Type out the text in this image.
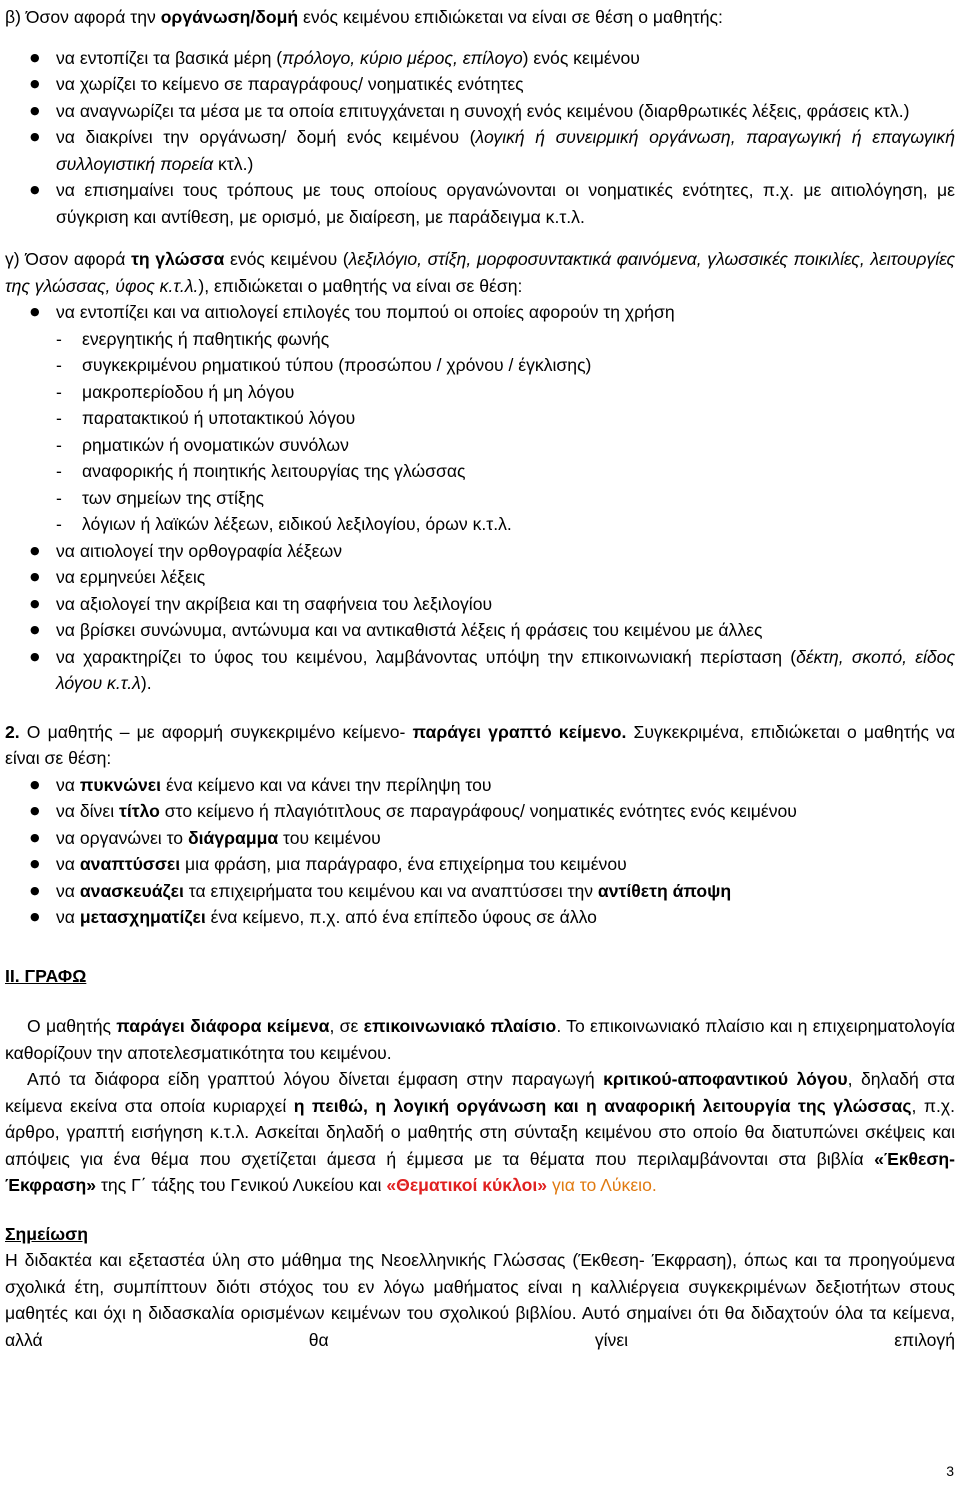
β) Όσον αφορά την οργάνωση/δομή ενός κειμένου επιδιώκεται να είναι σε θέση ο μαθητής:

● να εντοπίζει τα βασικά μέρη (πρόλογο, κύριο μέρος, επίλογο) ενός κειμένου
● να χωρίζει το κείμενο σε παραγράφους/ νοηματικές ενότητες
● να αναγνωρίζει τα μέσα με τα οποία επιτυγχάνεται η συνοχή ενός κειμένου (διαρθρωτικές λέξεις, φράσεις κτλ.)
● να διακρίνει την οργάνωση/ δομή ενός κειμένου (λογική ή συνειρμική οργάνωση, παραγωγική ή επαγωγική συλλογιστική πορεία κτλ.)
● να επισημαίνει τους τρόπους με τους οποίους οργανώνονται οι νοηματικές ενότητες, π.χ. με αιτιολόγηση, με σύγκριση και αντίθεση, με ορισμό, με διαίρεση, με παράδειγμα κ.τ.λ.

γ) Όσον αφορά τη γλώσσα ενός κειμένου (λεξιλόγιο, στίξη, μορφοσυντακτικά φαινόμενα, γλωσσικές ποικιλίες, λειτουργίες της γλώσσας, ύφος κ.τ.λ.), επιδιώκεται ο μαθητής να είναι σε θέση:

● να εντοπίζει και να αιτιολογεί επιλογές του πομπού οι οποίες αφορούν τη χρήση
- ενεργητικής ή παθητικής φωνής
- συγκεκριμένου ρηματικού τύπου (προσώπου / χρόνου / έγκλισης)
- μακροπερίοδου ή μη λόγου
- παρατακτικού ή υποτακτικού λόγου
- ρηματικών ή ονοματικών συνόλων
- αναφορικής ή ποιητικής λειτουργίας της γλώσσας
- των σημείων της στίξης
- λόγιων ή λαϊκών λέξεων, ειδικού λεξιλογίου, όρων κ.τ.λ.
● να αιτιολογεί την ορθογραφία λέξεων
● να ερμηνεύει λέξεις
● να αξιολογεί την ακρίβεια και τη σαφήνεια του λεξιλογίου
● να βρίσκει συνώνυμα, αντώνυμα και να αντικαθιστά λέξεις ή φράσεις του κειμένου με άλλες
● να χαρακτηρίζει το ύφος του κειμένου, λαμβάνοντας υπόψη την επικοινωνιακή περίσταση (δέκτη, σκοπό, είδος λόγου κ.τ.λ).

2. Ο μαθητής – με αφορμή συγκεκριμένο κείμενο- παράγει γραπτό κείμενο. Συγκεκριμένα, επιδιώκεται ο μαθητής να είναι σε θέση:

● να πυκνώνει ένα κείμενο και να κάνει την περίληψη του
● να δίνει τίτλο στο κείμενο ή πλαγιότιτλους σε παραγράφους/ νοηματικές ενότητες ενός κειμένου
● να οργανώνει το διάγραμμα του κειμένου
● να αναπτύσσει μια φράση, μια παράγραφο, ένα επιχείρημα του κειμένου
● να ανασκευάζει τα επιχειρήματα του κειμένου και να αναπτύσσει την αντίθετη άποψη
● να μετασχηματίζει ένα κείμενο, π.χ. από ένα επίπεδο ύφους σε άλλο

ΙΙ. ΓΡΑΦΩ

Ο μαθητής παράγει διάφορα κείμενα, σε επικοινωνιακό πλαίσιο. Το επικοινωνιακό πλαίσιο και η επιχειρηματολογία καθορίζουν την αποτελεσματικότητα του κειμένου.

Από τα διάφορα είδη γραπτού λόγου δίνεται έμφαση στην παραγωγή κριτικού-αποφαντικού λόγου, δηλαδή στα κείμενα εκείνα στα οποία κυριαρχεί η πειθώ, η λογική οργάνωση και η αναφορική λειτουργία της γλώσσας, π.χ. άρθρο, γραπτή εισήγηση κ.τ.λ. Ασκείται δηλαδή ο μαθητής στη σύνταξη κειμένου στο οποίο θα διατυπώνει σκέψεις και απόψεις για ένα θέμα που σχετίζεται άμεσα ή έμμεσα με τα θέματα που περιλαμβάνονται στα βιβλία «Έκθεση-Έκφραση» της Γ΄ τάξης του Γενικού Λυκείου και «Θεματικοί κύκλοι» για το Λύκειο.

Σημείωση

Η διδακτέα και εξεταστέα ύλη στο μάθημα της Νεοελληνικής Γλώσσας (Έκθεση- Έκφραση), όπως και τα προηγούμενα σχολικά έτη, συμπίπτουν διότι στόχος του εν λόγω μαθήματος είναι η καλλιέργεια συγκεκριμένων δεξιοτήτων στους μαθητές και όχι η διδασκαλία ορισμένων κειμένων του σχολικού βιβλίου. Αυτό σημαίνει ότι θα διδαχτούν όλα τα κείμενα, αλλά θα γίνει επιλογή

3
